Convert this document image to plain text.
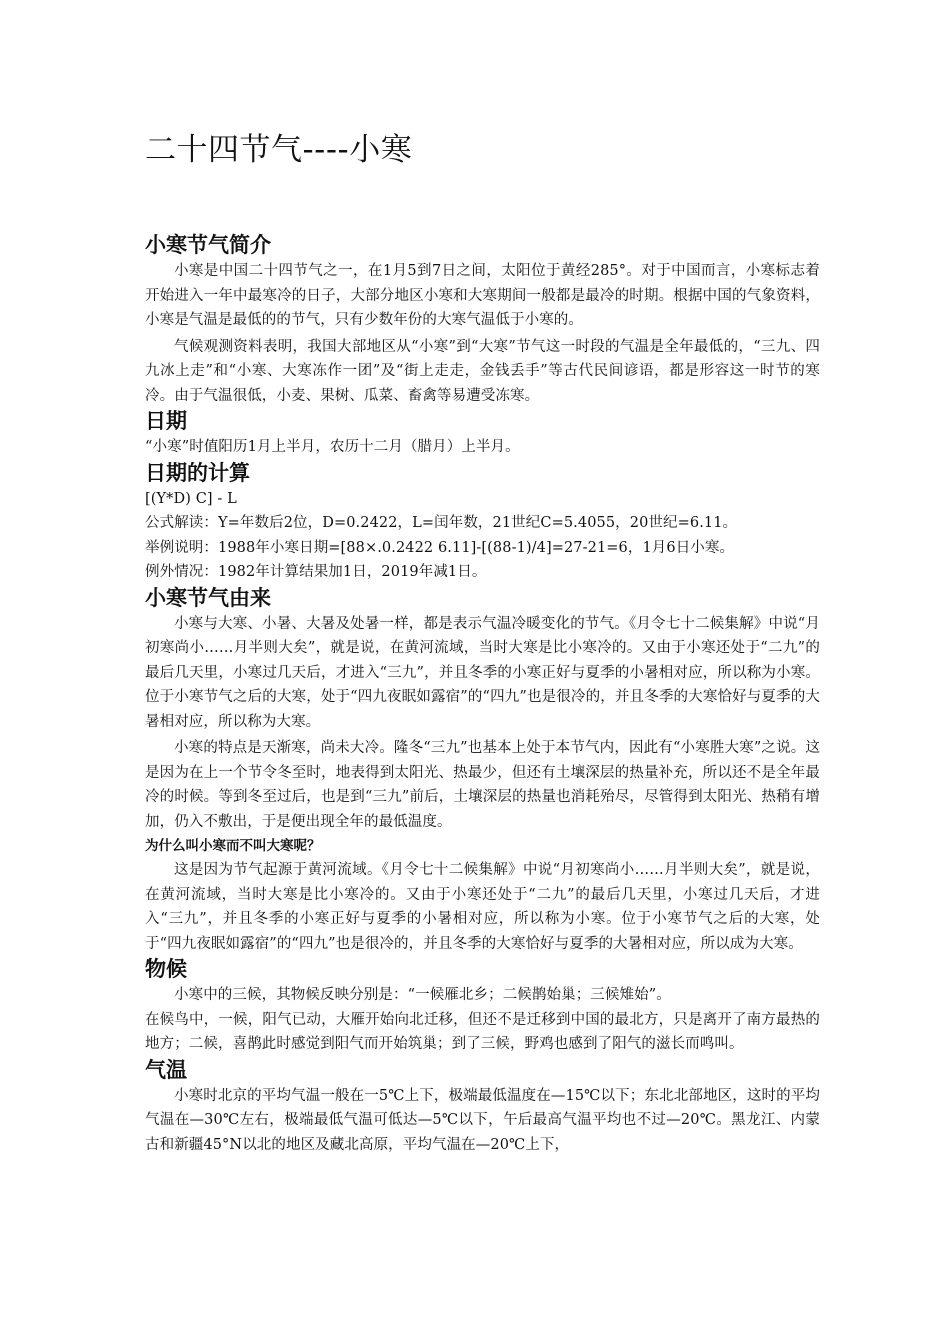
二十四节气----小寒
小寒节气简介

小寒是中国二十四节气之一，在1月5到7日之间，太阳位于黄经285°。对于中国而言，小寒标志着开始进入一年中最寒冷的日子，大部分地区小寒和大寒期间一般都是最冷的时期。根据中国的气象资料，小寒是气温是最低的的节气，只有少数年份的大寒气温低于小寒的。

气候观测资料表明，我国大部地区从“小寒”到“大寒”节气这一时段的气温是全年最低的，“三九、四九冰上走”和“小寒、大寒冻作一团”及“街上走走，金钱丢手”等古代民间谚语，都是形容这一时节的寒冷。由于气温很低，小麦、果树、瓜菜、畜禽等易遭受冻寒。

日期

“小寒”时值阳历1月上半月，农历十二月（腊月）上半月。

日期的计算

[(Y*D) C] - L

公式解读：Y=年数后2位，D=0.2422，L=闰年数，21世纪C=5.4055，20世纪=6.11。

举例说明：1988年小寒日期=[88×.0.2422 6.11]-[(88-1)/4]=27-21=6，1月6日小寒。

例外情况：1982年计算结果加1日，2019年减1日。

小寒节气由来

小寒与大寒、小暑、大暑及处暑一样，都是表示气温冷暖变化的节气。《月令七十二候集解》中说“月初寒尚小……月半则大矣”，就是说，在黄河流域，当时大寒是比小寒冷的。又由于小寒还处于“二九”的最后几天里，小寒过几天后，才进入“三九”，并且冬季的小寒正好与夏季的小暑相对应，所以称为小寒。位于小寒节气之后的大寒，处于“四九夜眠如露宿”的“四九”也是很冷的，并且冬季的大寒恰好与夏季的大暑相对应，所以称为大寒。

小寒的特点是天渐寒，尚未大冷。隆冬“三九”也基本上处于本节气内，因此有“小寒胜大寒”之说。这是因为在上一个节令冬至时，地表得到太阳光、热最少，但还有土壤深层的热量补充，所以还不是全年最冷的时候。等到冬至过后，也是到“三九”前后，土壤深层的热量也消耗殆尽，尽管得到太阳光、热稍有增加，仍入不敷出，于是便出现全年的最低温度。

为什么叫小寒而不叫大寒呢？

这是因为节气起源于黄河流域。《月令七十二候集解》中说“月初寒尚小……月半则大矣”，就是说，在黄河流域，当时大寒是比小寒冷的。又由于小寒还处于“二九”的最后几天里，小寒过几天后，才进入“三九”，并且冬季的小寒正好与夏季的小暑相对应，所以称为小寒。位于小寒节气之后的大寒，处于“四九夜眠如露宿”的“四九”也是很冷的，并且冬季的大寒恰好与夏季的大暑相对应，所以成为大寒。

物候

小寒中的三候，其物候反映分别是：“一候雁北乡；二候鹊始巢；三候雉始”。

在候鸟中，一候，阳气已动，大雁开始向北迁移，但还不是迁移到中国的最北方，只是离开了南方最热的地方；二候，喜鹊此时感觉到阳气而开始筑巢；到了三候，野鸡也感到了阳气的滋长而鸣叫。

气温

小寒时北京的平均气温一般在一5℃上下，极端最低温度在—15℃以下；东北北部地区，这时的平均气温在—30℃左右，极端最低气温可低达—5℃以下，午后最高气温平均也不过—20℃。黑龙江、内蒙古和新疆45°N以北的地区及藏北高原，平均气温在—20℃上下，
